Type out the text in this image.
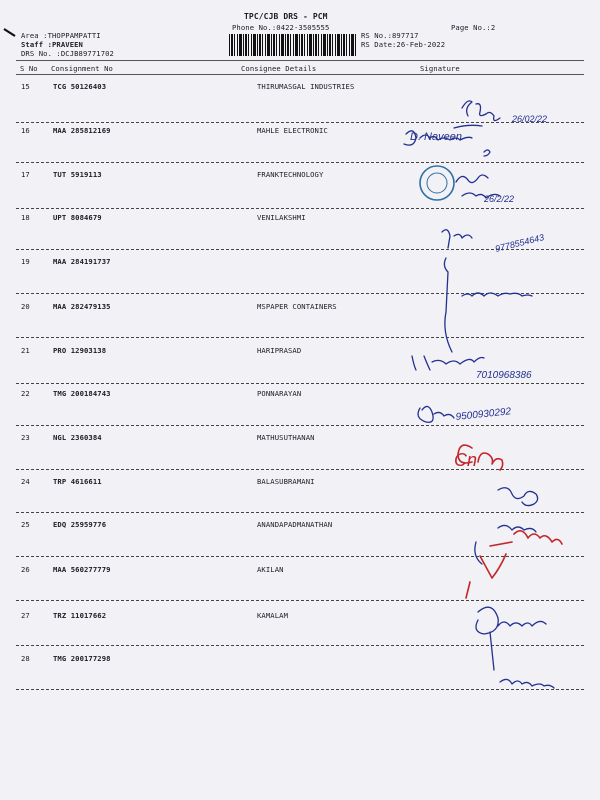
TPC/CJB DRS - PCM
Phone No.:0422-3505555	Page No.:2
Area :THOPPAMPATTI
Staff :PRAVEEN
DRS No. :DCJB89771702
RS No.:897717
RS Date:26-Feb-2022
S No Consignment No	Consignee Details	Signature
15	TCG 50126403	THIRUMASGAL INDUSTRIES
16	MAA 285812169	MAHLE ELECTRONIC
17	TUT 5919113	FRANKTECHNOLOGY
18	UPT 8084679	VENILAKSHMI
19	MAA 284191737
20	MAA 282479135	MSPAPER CONTAINERS
21	PRO 12903138	HARIPRASAD
22	TMG 200184743	PONNARAYAN
23	NGL 2360384	MATHUSUTHANAN
24	TRP 4616611	BALASUBRAMANI
25	EDQ 25959776	ANANDAPADMANATHAN
26	MAA 560277779	AKILAN
27	TRZ 11017662	KAMALAM
28	TMG 200177298
26/02/22
D. Naveen
26/2/22
9778554643
7010968386
9500930292
Cn
